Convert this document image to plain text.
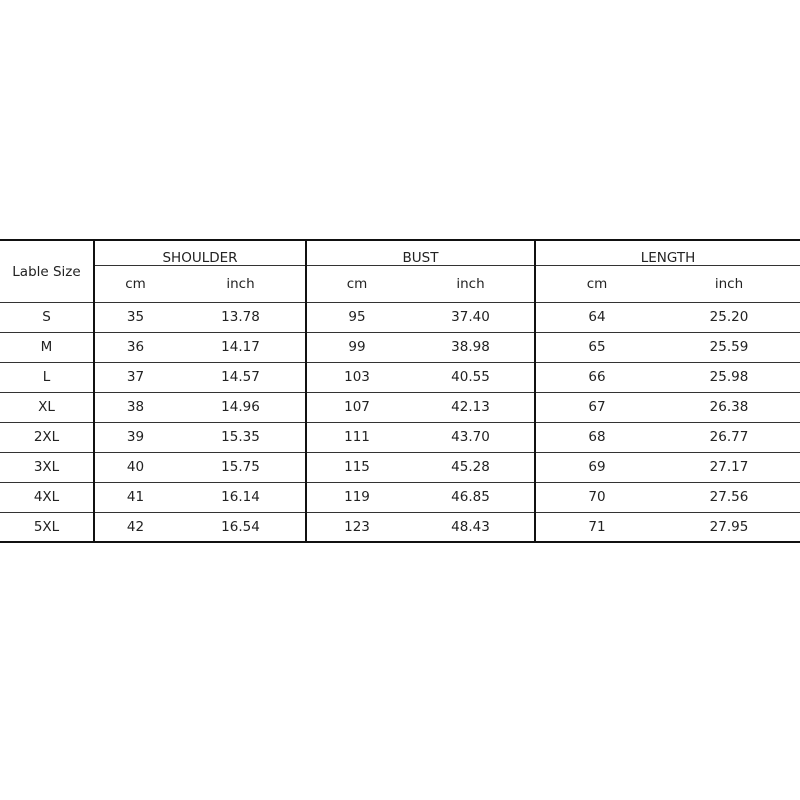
Lable Size	SHOULDER		BUST		LENGTH	
	cm	inch	cm	inch	cm	inch
S	35	13.78	95	37.40	64	25.20
M	36	14.17	99	38.98	65	25.59
L	37	14.57	103	40.55	66	25.98
XL	38	14.96	107	42.13	67	26.38
2XL	39	15.35	111	43.70	68	26.77
3XL	40	15.75	115	45.28	69	27.17
4XL	41	16.14	119	46.85	70	27.56
5XL	42	16.54	123	48.43	71	27.95
